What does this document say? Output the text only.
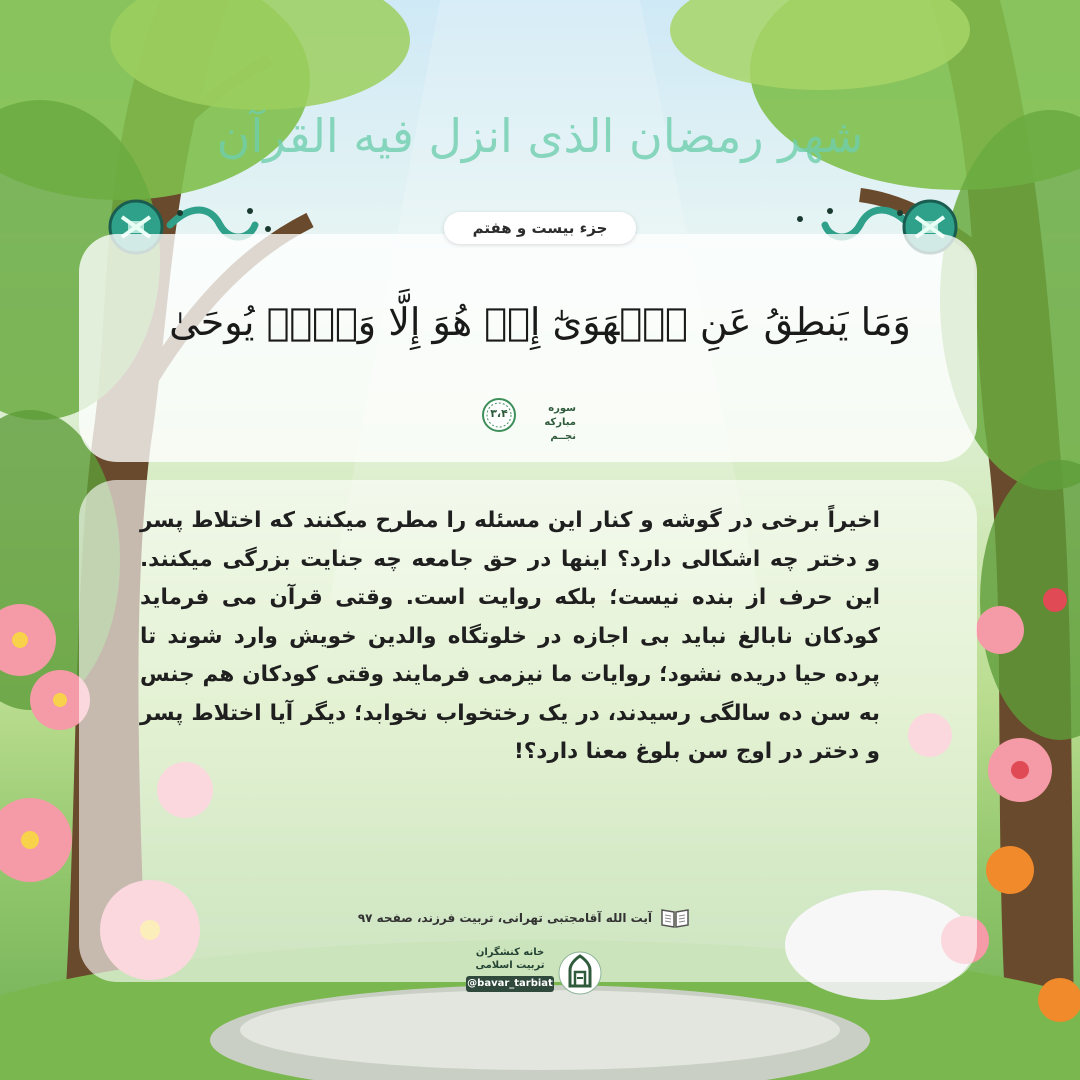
شهر رمضان الذی انزل فیه القرآن
جزء بیست و هفتم
وَمَا يَنطِقُ عَنِ ٱلۡهَوَىٰٓ إِنۡ هُوَ إِلَّا وَحۡيٞ يُوحَىٰ
سوره مبارکه
نجــم
۳،۴
اخیراً برخی در گوشه و کنار این مسئله را مطرح میکنند که اختلاط پسر و دختر چه اشکالی دارد؟ اینها در حق جامعه چه جنایت بزرگی میکنند. این حرف از بنده نیست؛ بلکه روایت است. وقتی قرآن می فرماید کودکان نابالغ نباید بی اجازه در خلوتگاه والدین خویش وارد شوند تا پرده حیا دریده نشود؛ روایات ما نیزمی فرمایند وقتی کودکان هم جنس به سن ده سالگی رسیدند، در یک رختخواب نخوابد؛ دیگر آیا اختلاط پسر و دختر در اوج سن بلوغ معنا دارد؟!
آیت الله آقامجتبی تهرانی، تربیت فرزند، صفحه ۹۷
خانه کنشگران
تربیت اسلامی
@bavar_tarbiat
